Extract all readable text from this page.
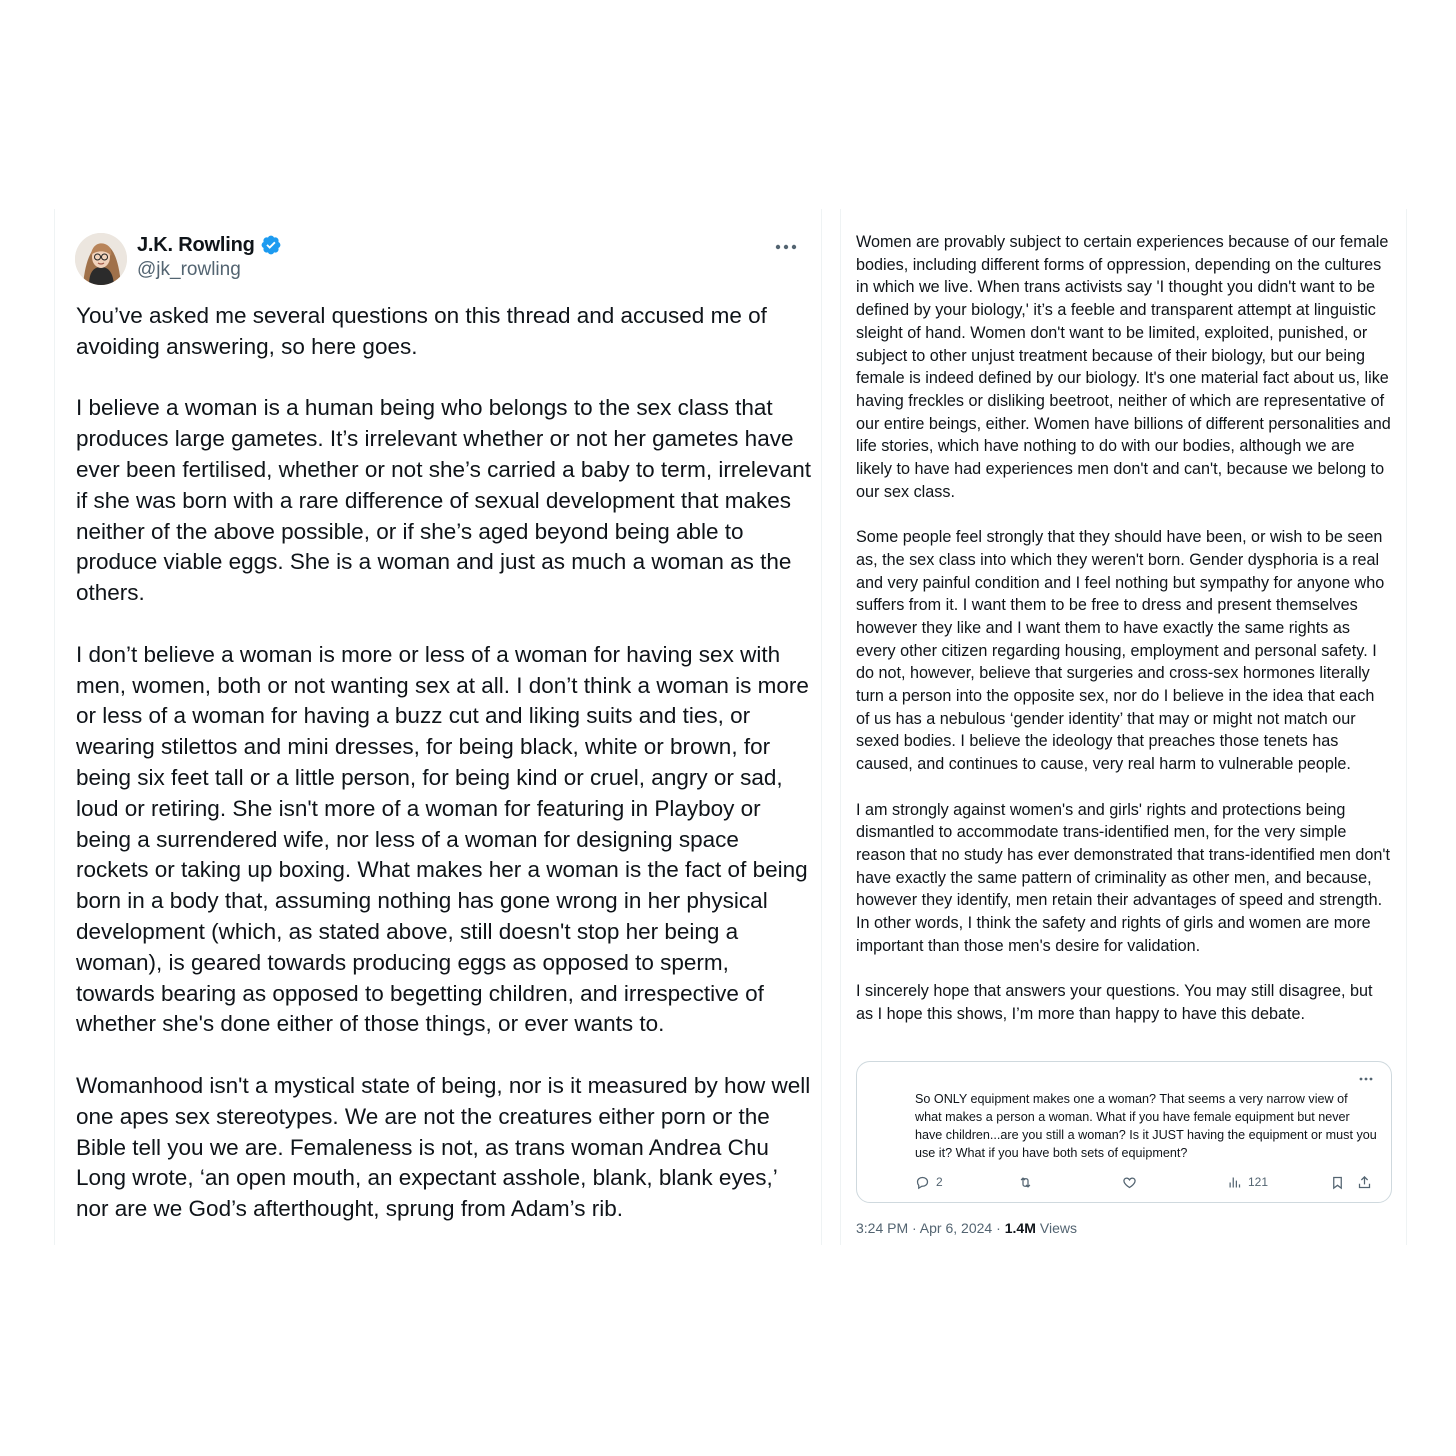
J.K. Rowling
@jk_rowling

You’ve asked me several questions on this thread and accused me of avoiding answering, so here goes.

I believe a woman is a human being who belongs to the sex class that produces large gametes. It’s irrelevant whether or not her gametes have ever been fertilised, whether or not she’s carried a baby to term, irrelevant if she was born with a rare difference of sexual development that makes neither of the above possible, or if she’s aged beyond being able to produce viable eggs. She is a woman and just as much a woman as the others.

I don’t believe a woman is more or less of a woman for having sex with men, women, both or not wanting sex at all. I don’t think a woman is more or less of a woman for having a buzz cut and liking suits and ties, or wearing stilettos and mini dresses, for being black, white or brown, for being six feet tall or a little person, for being kind or cruel, angry or sad, loud or retiring. She isn't more of a woman for featuring in Playboy or being a surrendered wife, nor less of a woman for designing space rockets or taking up boxing. What makes her a woman is the fact of being born in a body that, assuming nothing has gone wrong in her physical development (which, as stated above, still doesn't stop her being a woman), is geared towards producing eggs as opposed to sperm, towards bearing as opposed to begetting children, and irrespective of whether she's done either of those things, or ever wants to.

Womanhood isn't a mystical state of being, nor is it measured by how well one apes sex stereotypes. We are not the creatures either porn or the Bible tell you we are. Femaleness is not, as trans woman Andrea Chu Long wrote, ‘an open mouth, an expectant asshole, blank, blank eyes,’ nor are we God’s afterthought, sprung from Adam’s rib.

Women are provably subject to certain experiences because of our female bodies, including different forms of oppression, depending on the cultures in which we live. When trans activists say 'I thought you didn't want to be defined by your biology,' it’s a feeble and transparent attempt at linguistic sleight of hand. Women don't want to be limited, exploited, punished, or subject to other unjust treatment because of their biology, but our being female is indeed defined by our biology. It's one material fact about us, like having freckles or disliking beetroot, neither of which are representative of our entire beings, either. Women have billions of different personalities and life stories, which have nothing to do with our bodies, although we are likely to have had experiences men don't and can't, because we belong to our sex class.

Some people feel strongly that they should have been, or wish to be seen as, the sex class into which they weren't born. Gender dysphoria is a real and very painful condition and I feel nothing but sympathy for anyone who suffers from it. I want them to be free to dress and present themselves however they like and I want them to have exactly the same rights as every other citizen regarding housing, employment and personal safety. I do not, however, believe that surgeries and cross-sex hormones literally turn a person into the opposite sex, nor do I believe in the idea that each of us has a nebulous ‘gender identity’ that may or might not match our sexed bodies. I believe the ideology that preaches those tenets has caused, and continues to cause, very real harm to vulnerable people.

I am strongly against women's and girls' rights and protections being dismantled to accommodate trans-identified men, for the very simple reason that no study has ever demonstrated that trans-identified men don't have exactly the same pattern of criminality as other men, and because, however they identify, men retain their advantages of speed and strength. In other words, I think the safety and rights of girls and women are more important than those men's desire for validation.

I sincerely hope that answers your questions. You may still disagree, but as I hope this shows, I’m more than happy to have this debate.

So ONLY equipment makes one a woman? That seems a very narrow view of what makes a person a woman. What if you have female equipment but never have children...are you still a woman? Is it JUST having the equipment or must you use it? What if you have both sets of equipment?
2	121
3:24 PM · Apr 6, 2024 · 1.4M Views
